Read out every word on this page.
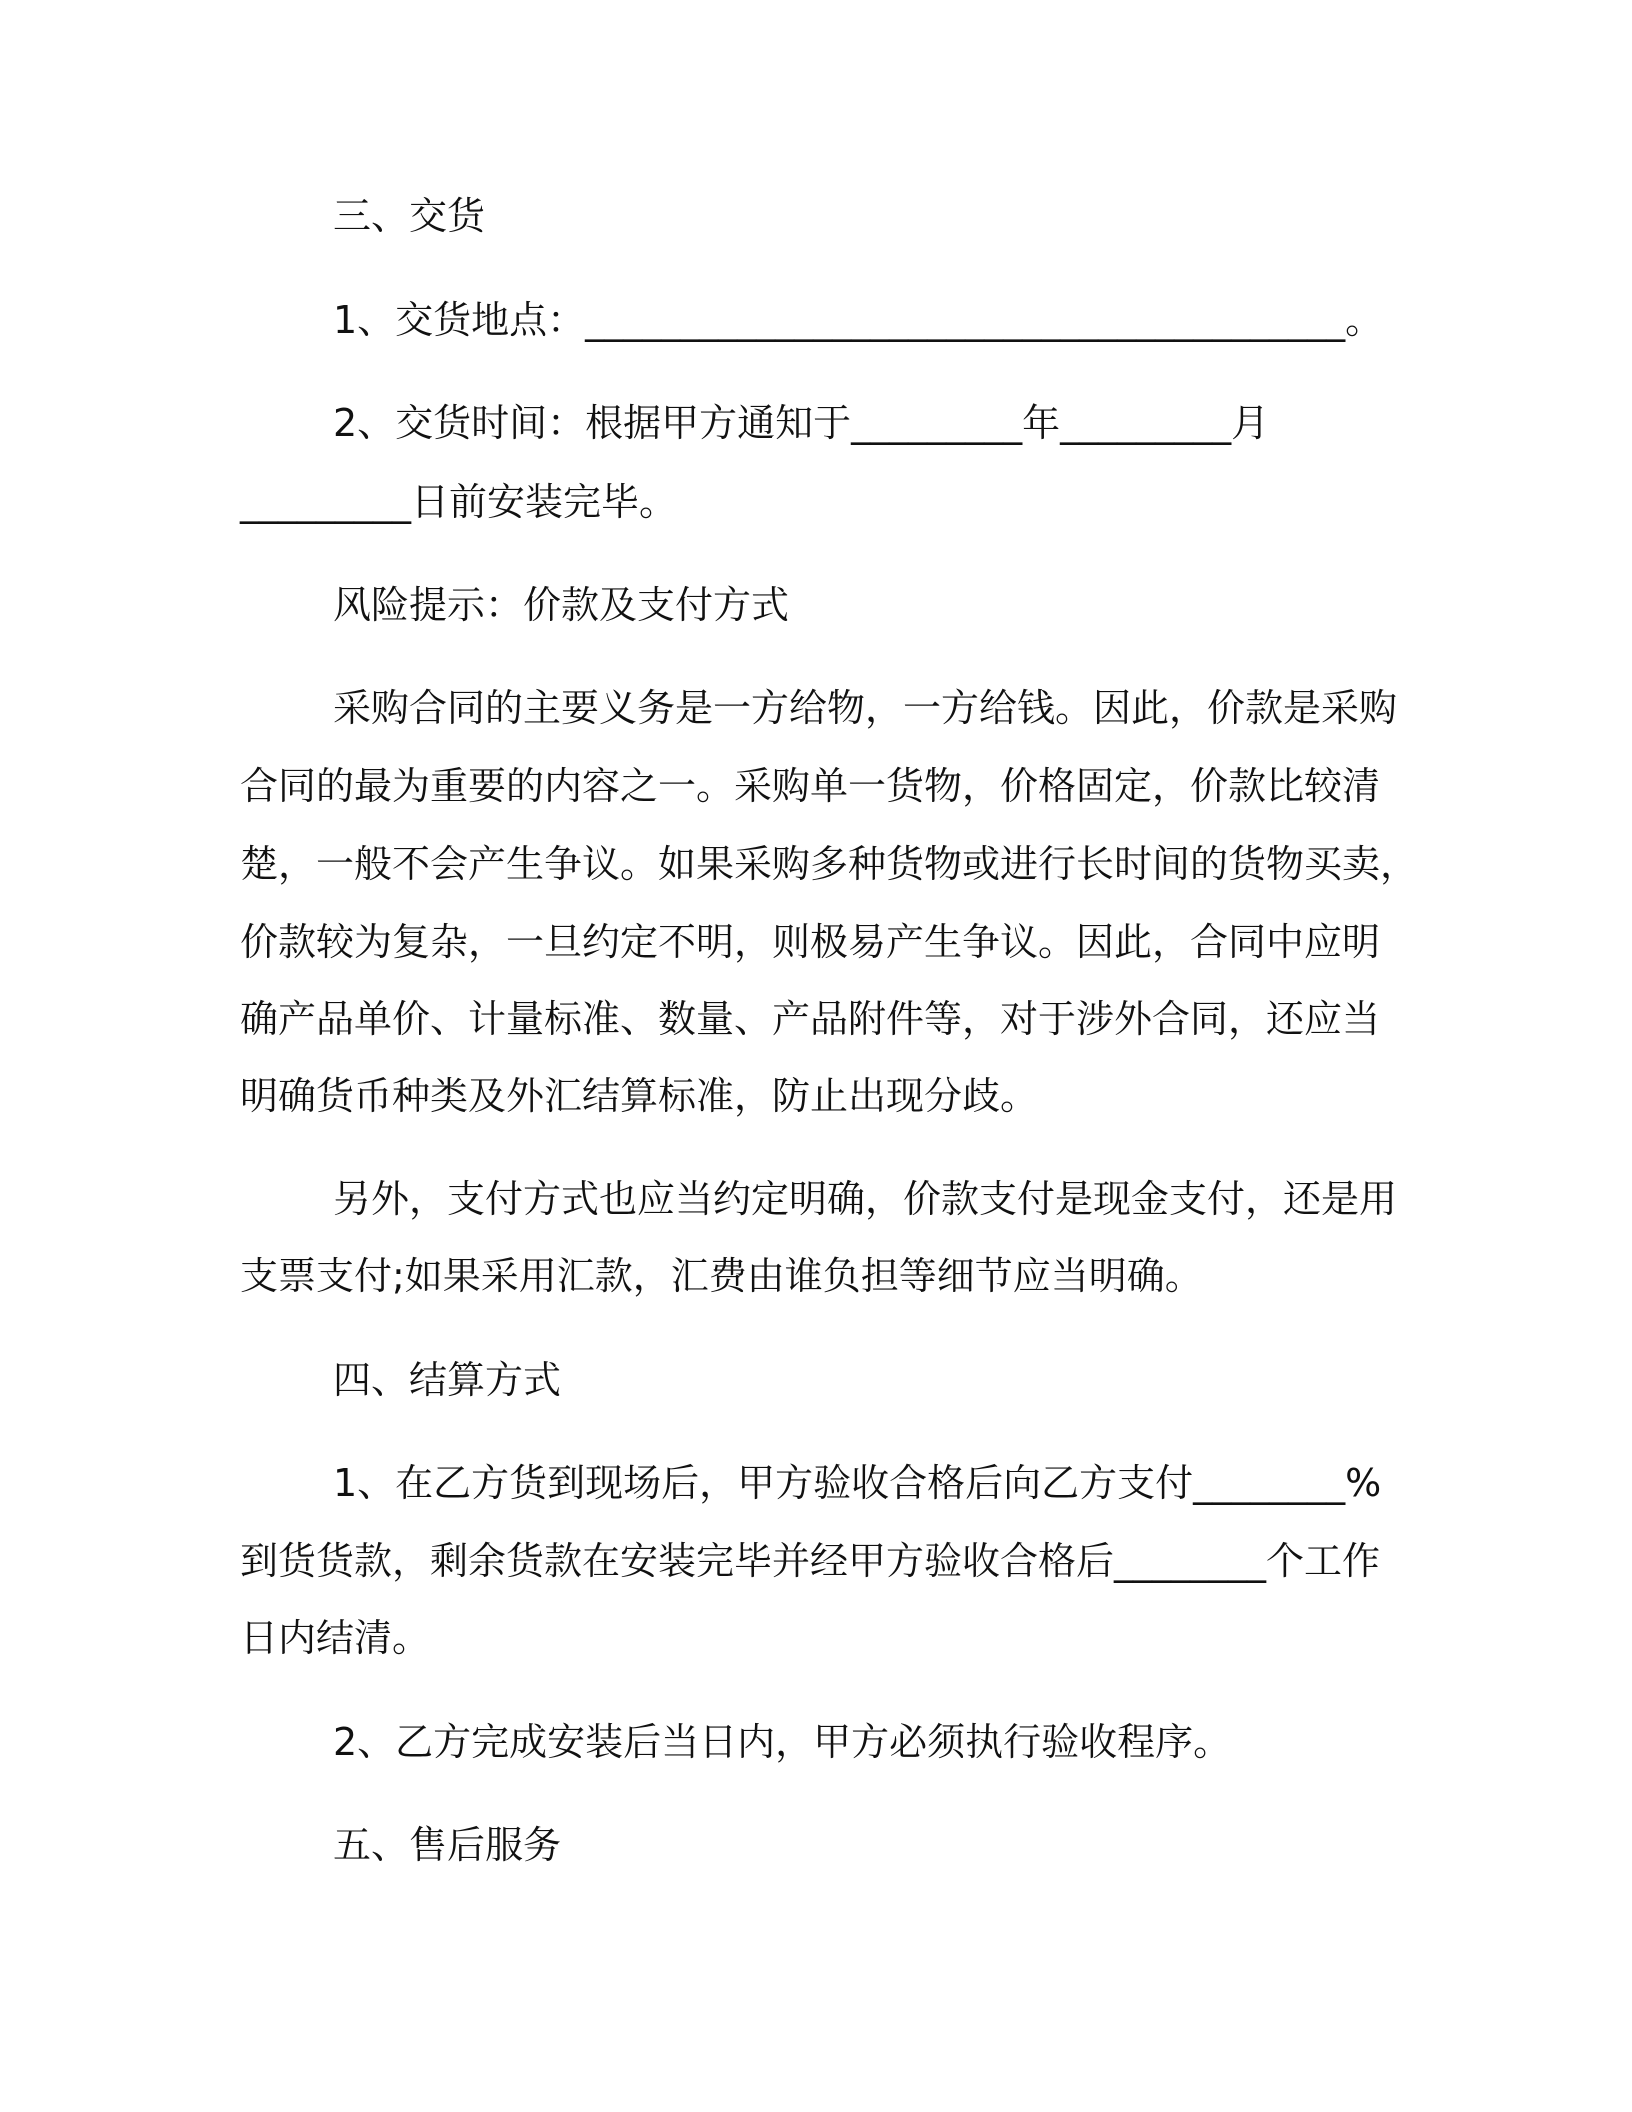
三、交货
1、交货地点：________________________________________。
2、交货时间：根据甲方通知于_________年_________月
_________日前安装完毕。
风险提示：价款及支付方式
采购合同的主要义务是一方给物，一方给钱。因此，价款是采购
合同的最为重要的内容之一。采购单一货物，价格固定，价款比较清
楚，一般不会产生争议。如果采购多种货物或进行长时间的货物买卖，
价款较为复杂，一旦约定不明，则极易产生争议。因此，合同中应明
确产品单价、计量标准、数量、产品附件等，对于涉外合同，还应当
明确货币种类及外汇结算标准，防止出现分歧。
另外，支付方式也应当约定明确，价款支付是现金支付，还是用
支票支付;如果采用汇款，汇费由谁负担等细节应当明确。
四、结算方式
1、在乙方货到现场后，甲方验收合格后向乙方支付________%
到货货款，剩余货款在安装完毕并经甲方验收合格后________个工作
日内结清。
2、乙方完成安装后当日内，甲方必须执行验收程序。
五、售后服务
